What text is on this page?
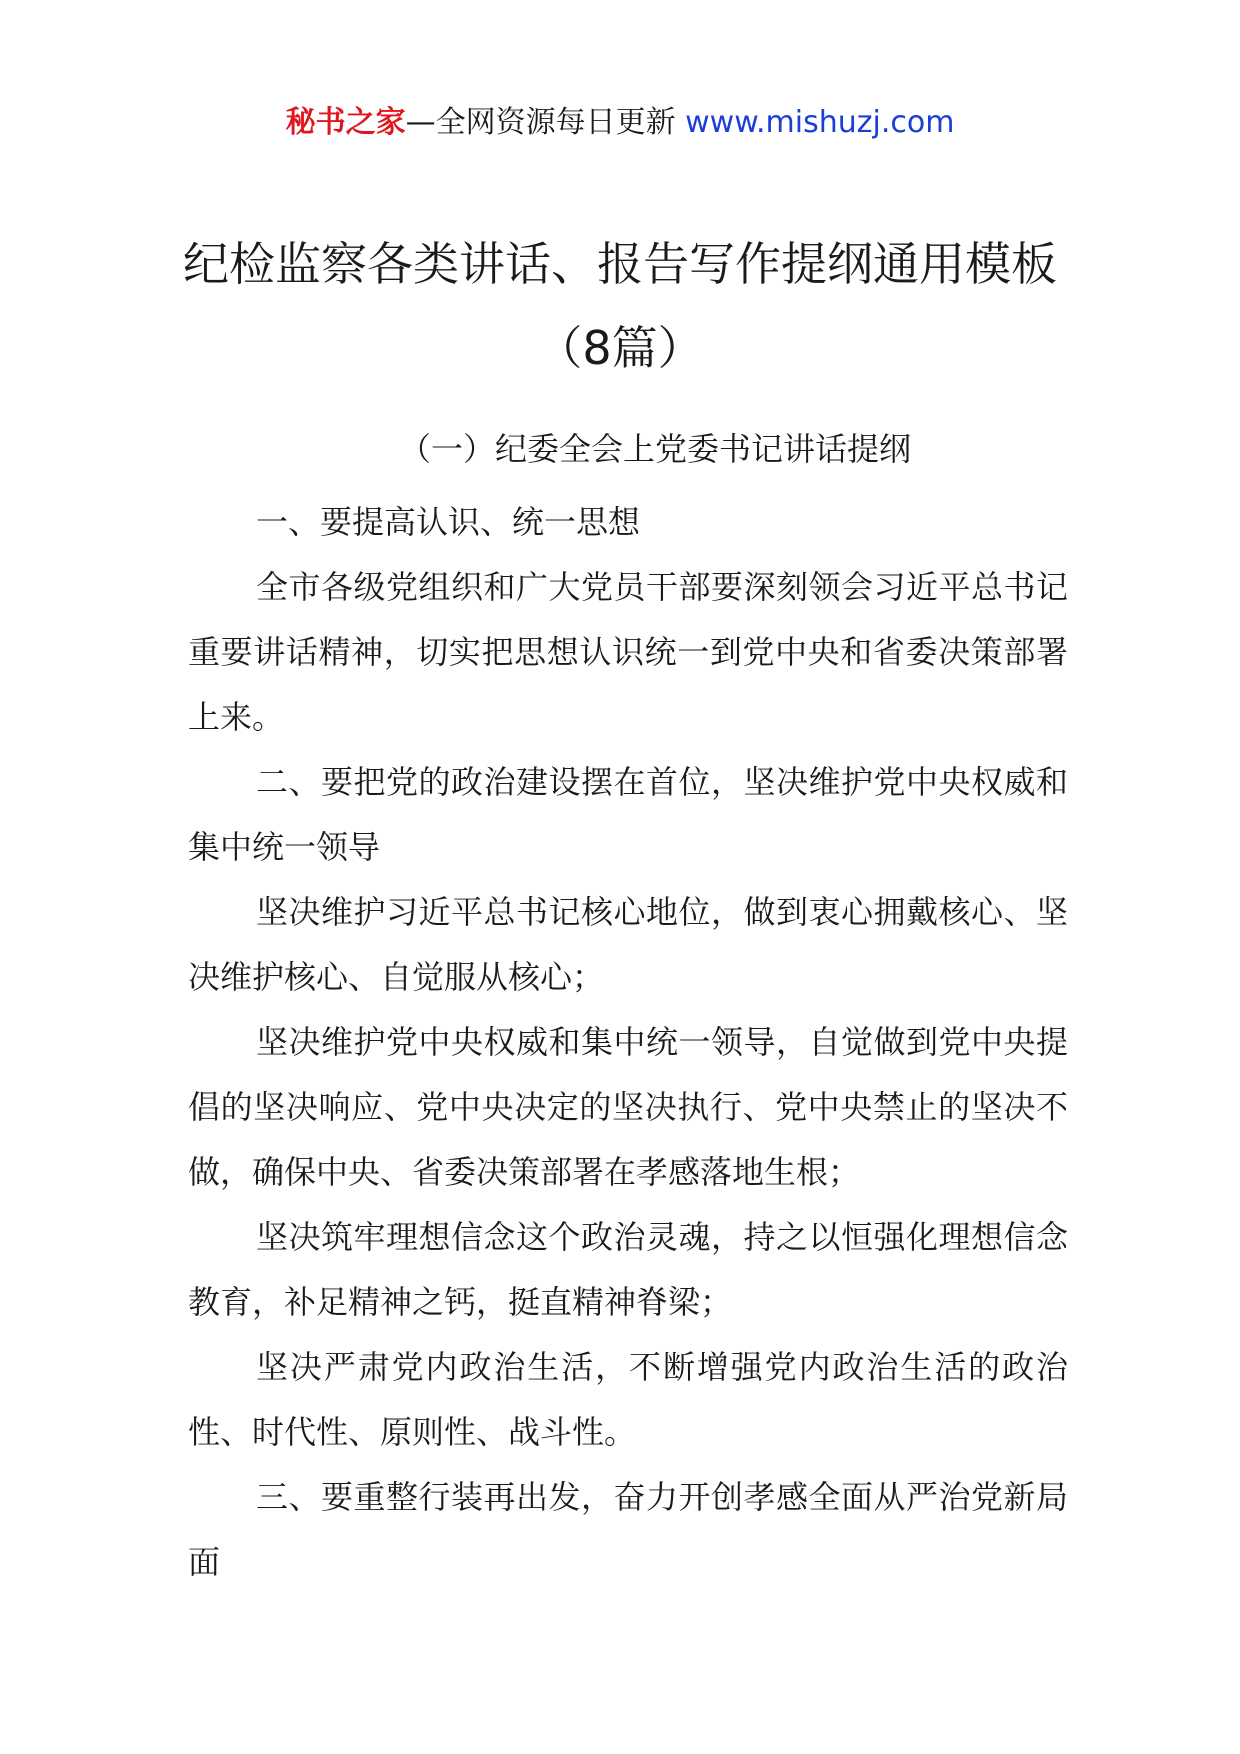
秘书之家—全网资源每日更新 www.mishuzj.com
纪检监察各类讲话、报告写作提纲通用模板（8篇）
（一）纪委全会上党委书记讲话提纲

一、要提高认识、统一思想

全市各级党组织和广大党员干部要深刻领会习近平总书记重要讲话精神，切实把思想认识统一到党中央和省委决策部署上来。

二、要把党的政治建设摆在首位，坚决维护党中央权威和集中统一领导

坚决维护习近平总书记核心地位，做到衷心拥戴核心、坚决维护核心、自觉服从核心；

坚决维护党中央权威和集中统一领导，自觉做到党中央提倡的坚决响应、党中央决定的坚决执行、党中央禁止的坚决不做，确保中央、省委决策部署在孝感落地生根；

坚决筑牢理想信念这个政治灵魂，持之以恒强化理想信念教育，补足精神之钙，挺直精神脊梁；

坚决严肃党内政治生活，不断增强党内政治生活的政治性、时代性、原则性、战斗性。

三、要重整行装再出发，奋力开创孝感全面从严治党新局面
